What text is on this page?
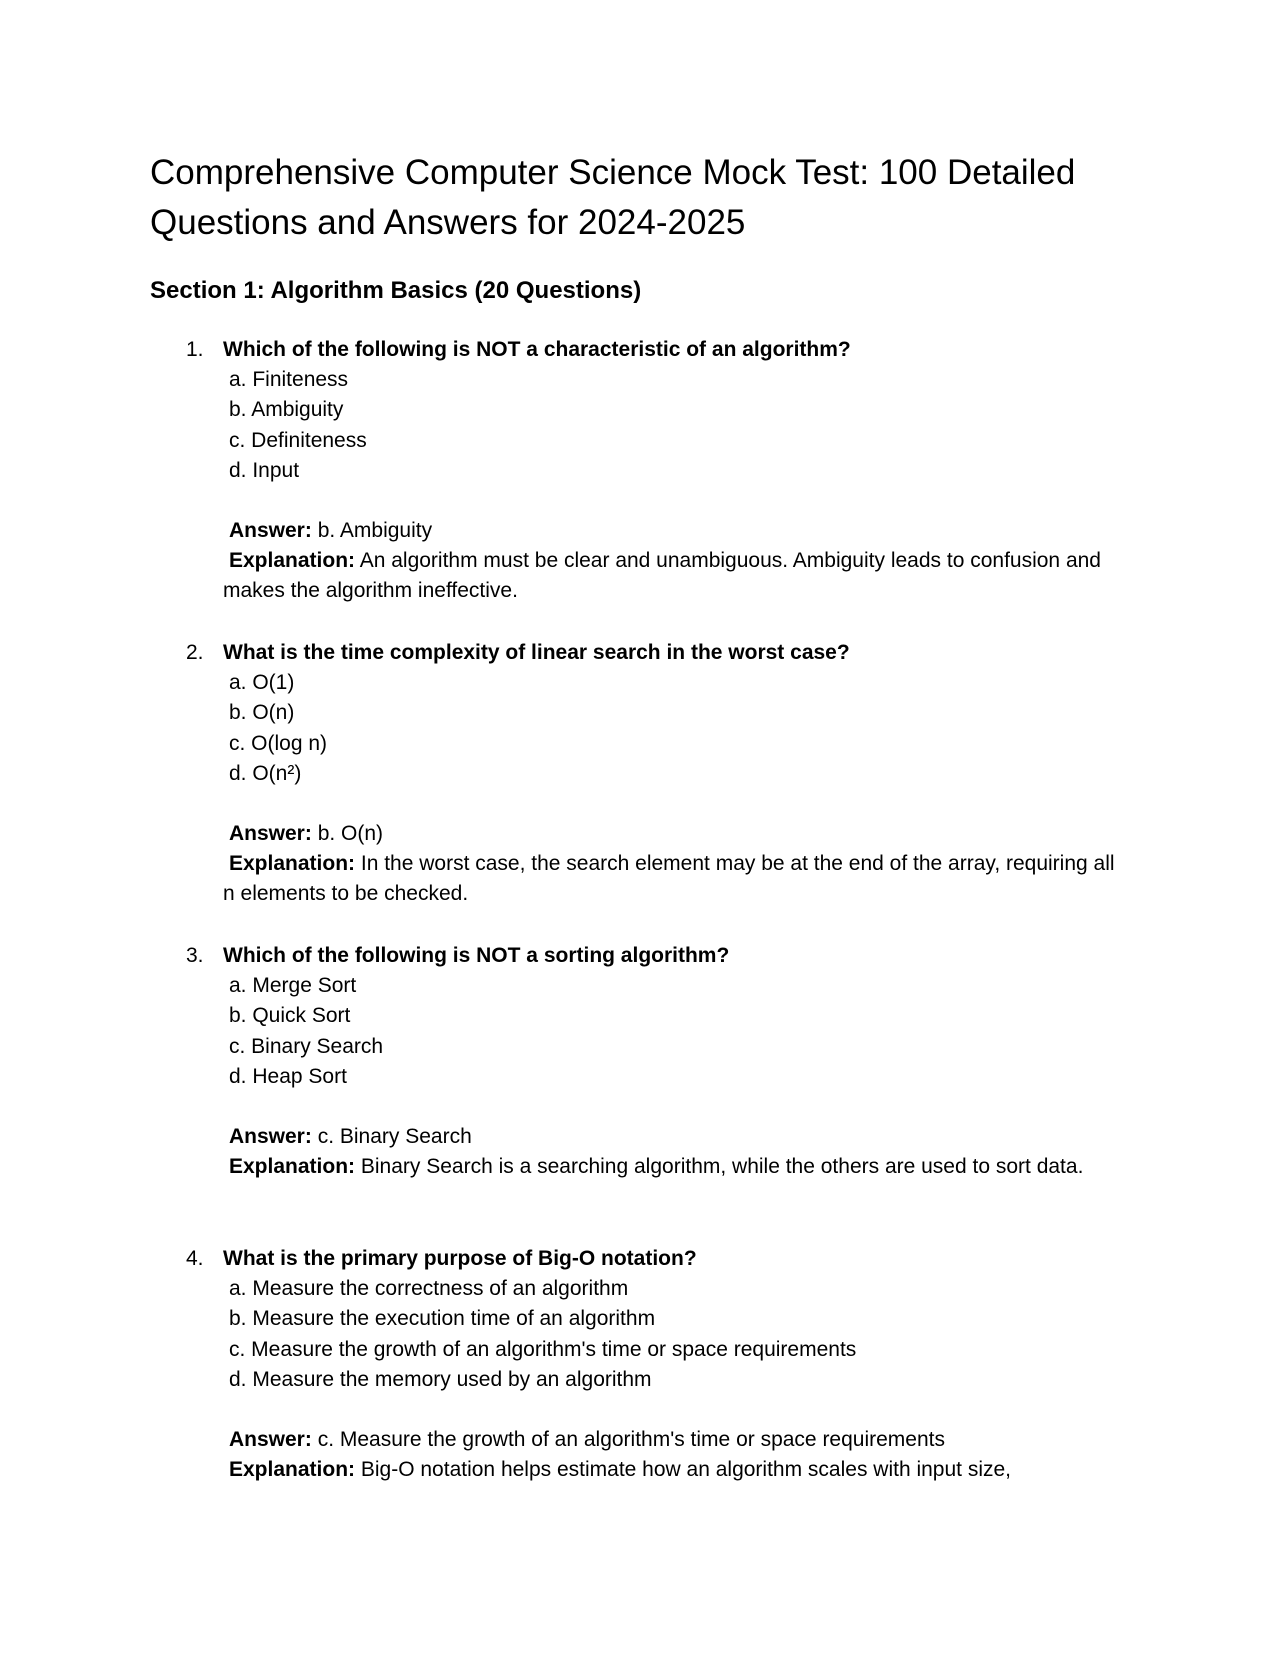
Comprehensive Computer Science Mock Test: 100 Detailed Questions and Answers for 2024-2025
Section 1: Algorithm Basics (20 Questions)
1. Which of the following is NOT a characteristic of an algorithm?
a. Finiteness
b. Ambiguity
c. Definiteness
d. Input
Answer: b. Ambiguity
Explanation: An algorithm must be clear and unambiguous. Ambiguity leads to confusion and makes the algorithm ineffective.
2. What is the time complexity of linear search in the worst case?
a. O(1)
b. O(n)
c. O(log n)
d. O(n²)
Answer: b. O(n)
Explanation: In the worst case, the search element may be at the end of the array, requiring all n elements to be checked.
3. Which of the following is NOT a sorting algorithm?
a. Merge Sort
b. Quick Sort
c. Binary Search
d. Heap Sort
Answer: c. Binary Search
Explanation: Binary Search is a searching algorithm, while the others are used to sort data.
4. What is the primary purpose of Big-O notation?
a. Measure the correctness of an algorithm
b. Measure the execution time of an algorithm
c. Measure the growth of an algorithm's time or space requirements
d. Measure the memory used by an algorithm
Answer: c. Measure the growth of an algorithm's time or space requirements
Explanation: Big-O notation helps estimate how an algorithm scales with input size,
